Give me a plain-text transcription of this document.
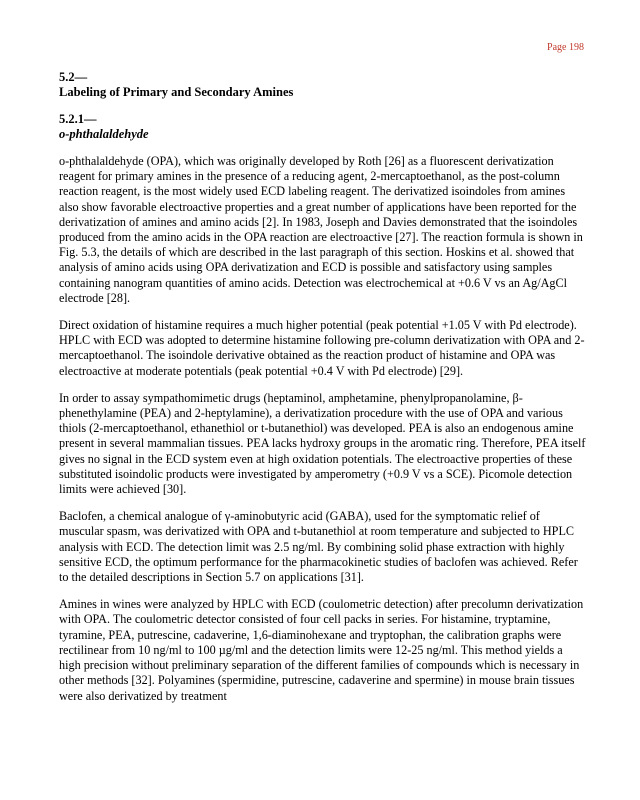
Page 198
5.2—
Labeling of Primary and Secondary Amines
5.2.1—
o-phthalaldehyde

o-phthalaldehyde (OPA), which was originally developed by Roth [26] as a fluorescent derivatization reagent for primary amines in the presence of a reducing agent, 2-mercaptoethanol, as the post-column reaction reagent, is the most widely used ECD labeling reagent. The derivatized isoindoles from amines also show favorable electroactive properties and a great number of applications have been reported for the derivatization of amines and amino acids [2]. In 1983, Joseph and Davies demonstrated that the isoindoles produced from the amino acids in the OPA reaction are electroactive [27]. The reaction formula is shown in Fig. 5.3, the details of which are described in the last paragraph of this section. Hoskins et al. showed that analysis of amino acids using OPA derivatization and ECD is possible and satisfactory using samples containing nanogram quantities of amino acids. Detection was electrochemical at +0.6 V vs an Ag/AgCl electrode [28].

Direct oxidation of histamine requires a much higher potential (peak potential +1.05 V with Pd electrode). HPLC with ECD was adopted to determine histamine following pre-column derivatization with OPA and 2-mercaptoethanol. The isoindole derivative obtained as the reaction product of histamine and OPA was electroactive at moderate potentials (peak potential +0.4 V with Pd electrode) [29].

In order to assay sympathomimetic drugs (heptaminol, amphetamine, phenylpropanolamine, β-phenethylamine (PEA) and 2-heptylamine), a derivatization procedure with the use of OPA and various thiols (2-mercaptoethanol, ethanethiol or t-butanethiol) was developed. PEA is also an endogenous amine present in several mammalian tissues. PEA lacks hydroxy groups in the aromatic ring. Therefore, PEA itself gives no signal in the ECD system even at high oxidation potentials. The electroactive properties of these substituted isoindolic products were investigated by amperometry (+0.9 V vs a SCE). Picomole detection limits were achieved [30].

Baclofen, a chemical analogue of γ-aminobutyric acid (GABA), used for the symptomatic relief of muscular spasm, was derivatized with OPA and t-butanethiol at room temperature and subjected to HPLC analysis with ECD. The detection limit was 2.5 ng/ml. By combining solid phase extraction with highly sensitive ECD, the optimum performance for the pharmacokinetic studies of baclofen was achieved. Refer to the detailed descriptions in Section 5.7 on applications [31].

Amines in wines were analyzed by HPLC with ECD (coulometric detection) after precolumn derivatization with OPA. The coulometric detector consisted of four cell packs in series. For histamine, tryptamine, tyramine, PEA, putrescine, cadaverine, 1,6-diaminohexane and tryptophan, the calibration graphs were rectilinear from 10 ng/ml to 100 µg/ml and the detection limits were 12-25 ng/ml. This method yields a high precision without preliminary separation of the different families of compounds which is necessary in other methods [32]. Polyamines (spermidine, putrescine, cadaverine and spermine) in mouse brain tissues were also derivatized by treatment
